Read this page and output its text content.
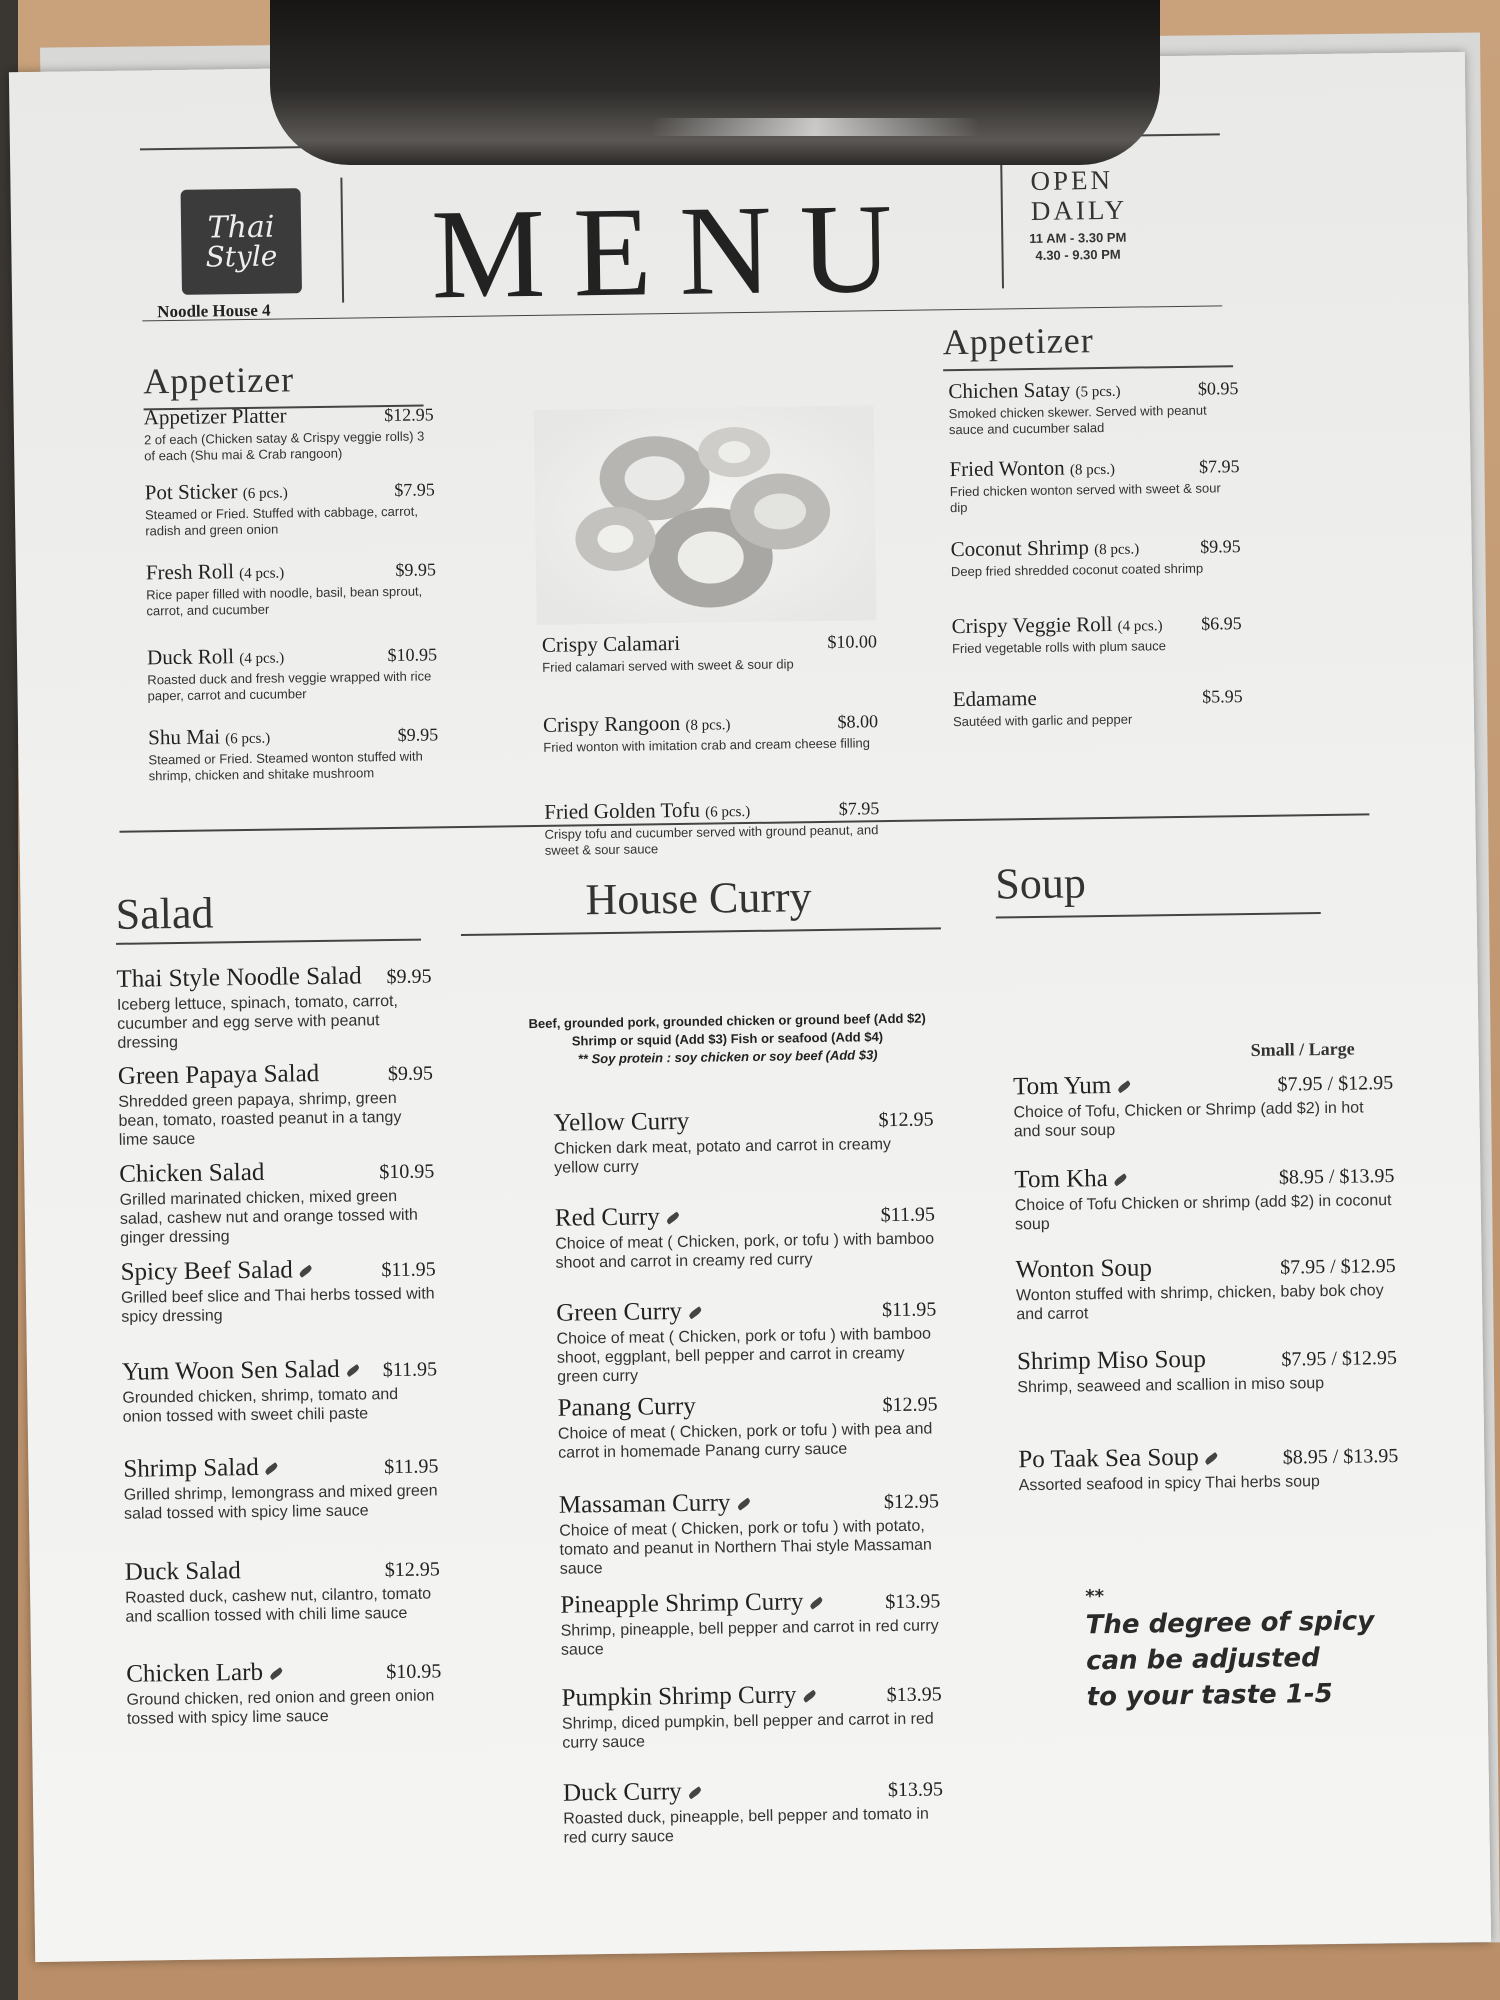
Thai
Style
Noodle House 4 MENU	OPEN
DAILY
11 AM - 3.30 PM
4.30 - 9.30 PM
Appetizer
Appetizer Platter	$12.95
2 of each (Chicken satay & Crispy veggie rolls) 3 of each (Shu mai & Crab rangoon)
Pot Sticker (6 pcs.)	$7.95
Steamed or Fried. Stuffed with cabbage, carrot, radish and green onion
Fresh Roll (4 pcs.)	$9.95
Rice paper filled with noodle, basil, bean sprout, carrot, and cucumber
Duck Roll (4 pcs.)	$10.95
Roasted duck and fresh veggie wrapped with rice paper, carrot and cucumber
Shu Mai (6 pcs.)	$9.95
Steamed or Fried. Steamed wonton stuffed with shrimp, chicken and shitake mushroom
Crispy Calamari	$10.00
Fried calamari served with sweet & sour dip
Crispy Rangoon (8 pcs.)	$8.00
Fried wonton with imitation crab and cream cheese filling
Fried Golden Tofu (6 pcs.)	$7.95
Crispy tofu and cucumber served with ground peanut, and sweet & sour sauce
Appetizer
Chichen Satay (5 pcs.)	$0.95
Smoked chicken skewer. Served with peanut sauce and cucumber salad
Fried Wonton (8 pcs.)	$7.95
Fried chicken wonton served with sweet & sour dip
Coconut Shrimp (8 pcs.)	$9.95
Deep fried shredded coconut coated shrimp
Crispy Veggie Roll (4 pcs.) $6.95
Fried vegetable rolls with plum sauce
Edamame	$5.95
Sautéed with garlic and pepper
Salad
Thai Style Noodle Salad $9.95
Iceberg lettuce, spinach, tomato, carrot, cucumber and egg serve with peanut dressing
Green Papaya Salad	$9.95
Shredded green papaya, shrimp, green bean, tomato, roasted peanut in a tangy lime sauce
Chicken Salad	$10.95
Grilled marinated chicken, mixed green salad, cashew nut and orange tossed with ginger dressing
Spicy Beef Salad	$11.95
Grilled beef slice and Thai herbs tossed with spicy dressing
Yum Woon Sen Salad	$11.95
Grounded chicken, shrimp, tomato and onion tossed with sweet chili paste
Shrimp Salad	$11.95
Grilled shrimp, lemongrass and mixed green salad tossed with spicy lime sauce
Duck Salad	$12.95
Roasted duck, cashew nut, cilantro, tomato and scallion tossed with chili lime sauce
Chicken Larb	$10.95
Ground chicken, red onion and green onion tossed with spicy lime sauce
House Curry
Beef, grounded pork, grounded chicken or ground beef (Add $2)
Shrimp or squid (Add $3) Fish or seafood (Add $4)
** Soy protein : soy chicken or soy beef (Add $3)
Yellow Curry	$12.95
Chicken dark meat, potato and carrot in creamy yellow curry
Red Curry	$11.95
Choice of meat ( Chicken, pork, or tofu ) with bamboo shoot and carrot in creamy red curry
Green Curry	$11.95
Choice of meat ( Chicken, pork or tofu ) with bamboo shoot, eggplant, bell pepper and carrot in creamy green curry
Panang Curry	$12.95
Choice of meat ( Chicken, pork or tofu ) with pea and carrot in homemade Panang curry sauce
Massaman Curry	$12.95
Choice of meat ( Chicken, pork or tofu ) with potato, tomato and peanut in Northern Thai style Massaman sauce
Pineapple Shrimp Curry	$13.95
Shrimp, pineapple, bell pepper and carrot in red curry sauce
Pumpkin Shrimp Curry	$13.95
Shrimp, diced pumpkin, bell pepper and carrot in red curry sauce
Duck Curry	$13.95
Roasted duck, pineapple, bell pepper and tomato in red curry sauce
Soup
Small / Large
Tom Yum	$7.95 / $12.95
Choice of Tofu, Chicken or Shrimp (add $2) in hot and sour soup
Tom Kha	$8.95 / $13.95
Choice of Tofu Chicken or shrimp (add $2) in coconut soup
Wonton Soup	$7.95 / $12.95
Wonton stuffed with shrimp, chicken, baby bok choy and carrot
Shrimp Miso Soup	$7.95 / $12.95
Shrimp, seaweed and scallion in miso soup
Po Taak Sea Soup	$8.95 / $13.95
Assorted seafood in spicy Thai herbs soup
**
The degree of spicy
can be adjusted
to your taste 1-5
